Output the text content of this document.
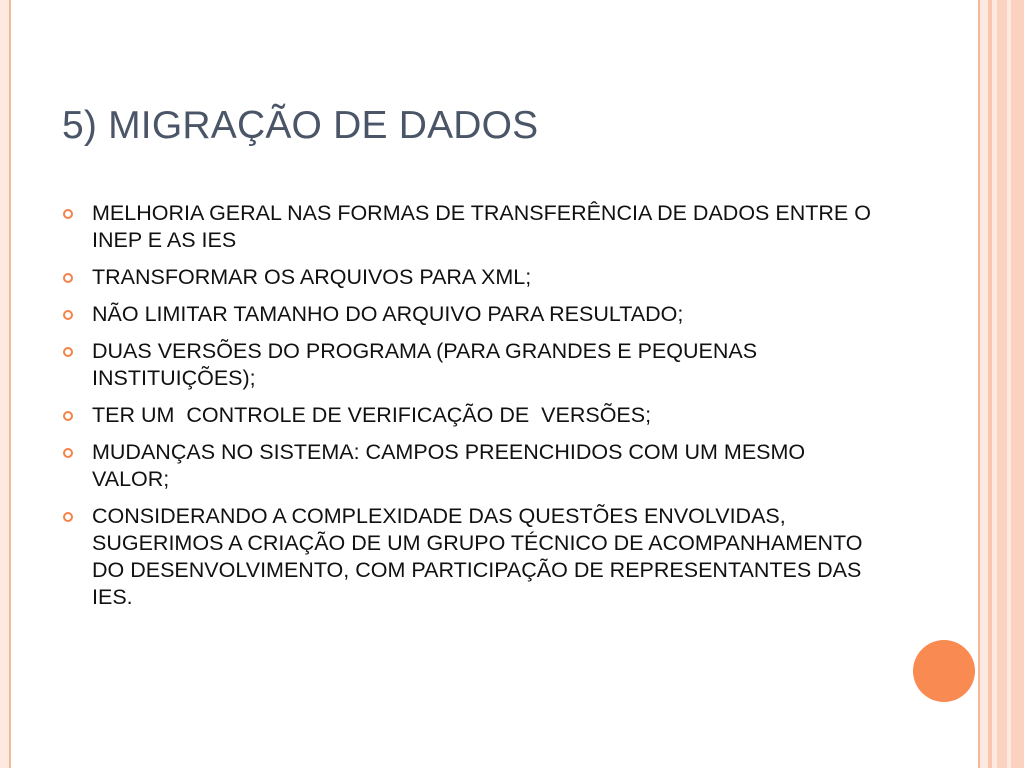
5) MIGRAÇÃO DE DADOS
MELHORIA GERAL NAS FORMAS DE TRANSFERÊNCIA DE DADOS ENTRE O INEP E AS IES
TRANSFORMAR OS ARQUIVOS PARA XML;
NÃO LIMITAR TAMANHO DO ARQUIVO PARA RESULTADO;
DUAS VERSÕES DO PROGRAMA (PARA GRANDES E PEQUENAS INSTITUIÇÕES);
TER UM  CONTROLE DE VERIFICAÇÃO DE  VERSÕES;
MUDANÇAS NO SISTEMA: CAMPOS PREENCHIDOS COM UM MESMO VALOR;
CONSIDERANDO A COMPLEXIDADE DAS QUESTÕES ENVOLVIDAS, SUGERIMOS A CRIAÇÃO DE UM GRUPO TÉCNICO DE ACOMPANHAMENTO DO DESENVOLVIMENTO, COM PARTICIPAÇÃO DE REPRESENTANTES DAS IES.
